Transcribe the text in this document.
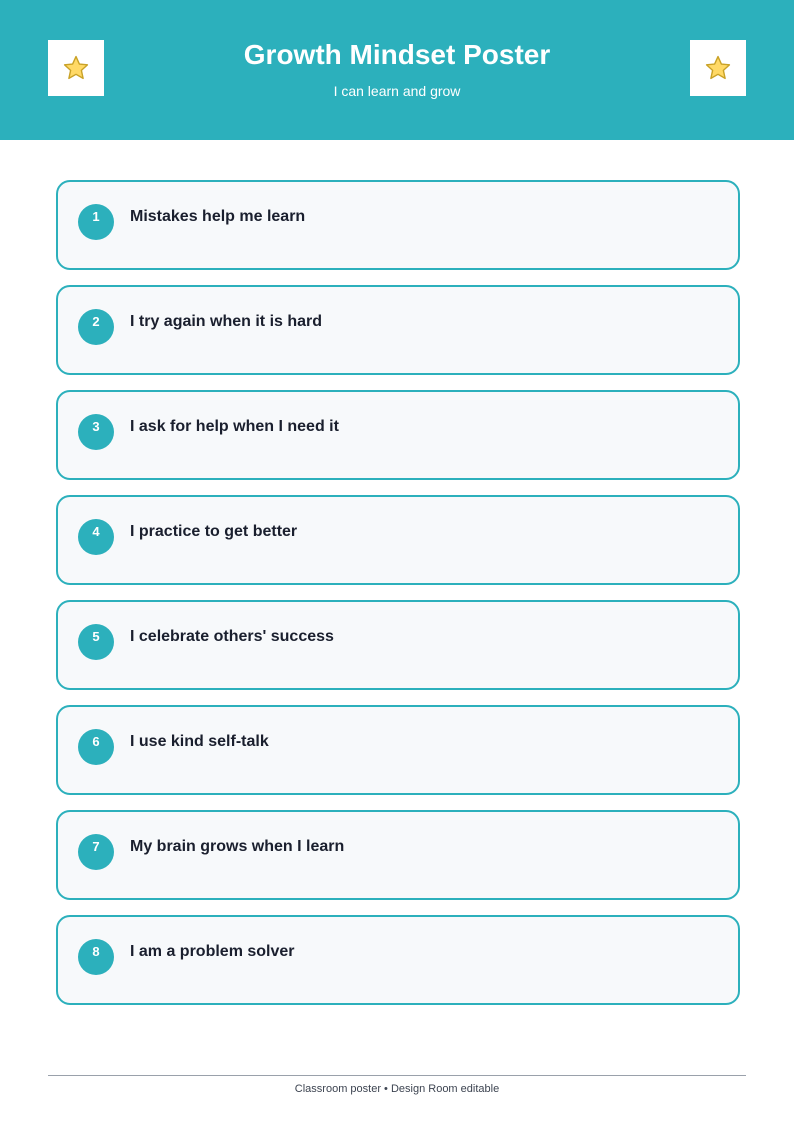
Growth Mindset Poster
I can learn and grow
1	Mistakes help me learn
2	I try again when it is hard
3	I ask for help when I need it
4	I practice to get better
5	I celebrate others' success
6	I use kind self-talk
7	My brain grows when I learn
8	I am a problem solver
Classroom poster • Design Room editable
